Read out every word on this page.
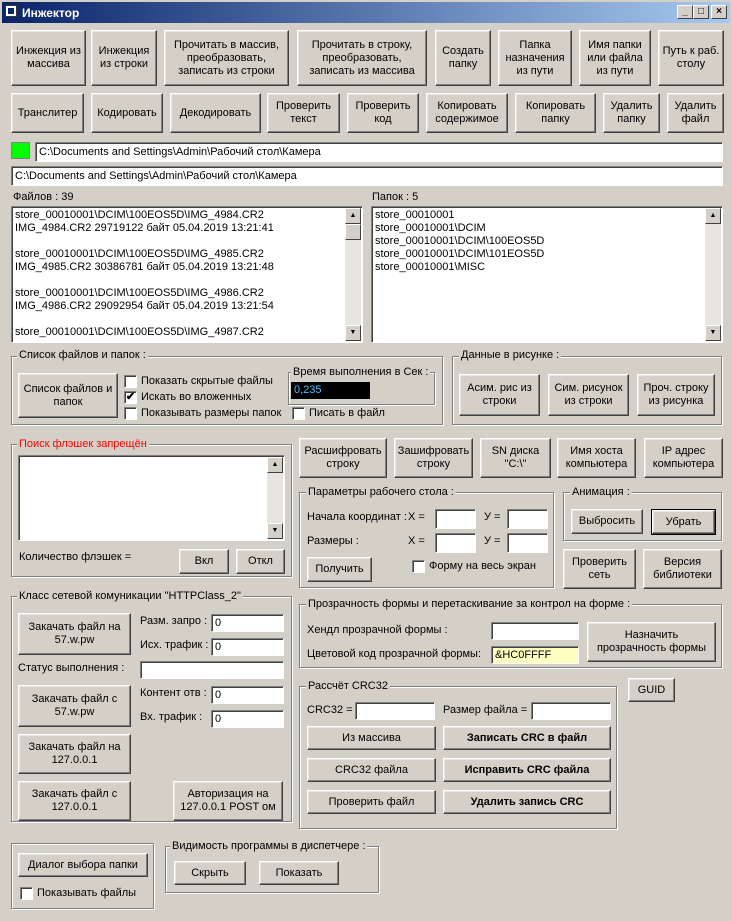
Инжектор	_	□	×
Инжекция из массива
Инжекция из строки
Прочитать в массив, преобразовать, записать из строки
Прочитать в строку, преобразовать, записать из массива
Создать папку
Папка назначения из пути
Имя папки или файла из пути
Путь к раб. столу
Транслитер	Кодировать	Декодировать
Проверить текст
Проверить код
Копировать содержимое
Копировать папку
Удалить папку
Удалить файл
C:\Documents and Settings\Admin\Рабочий стол\Камера
C:\Documents and Settings\Admin\Рабочий стол\Камера
Файлов : 39	Папок : 5
store_00010001\DCIM\100EOS5D\IMG_4984.CR2
IMG_4984.CR2 29719122 байт 05.04.2019 13:21:41
store_00010001\DCIM\100EOS5D\IMG_4985.CR2
IMG_4985.CR2 30386781 байт 05.04.2019 13:21:48
store_00010001\DCIM\100EOS5D\IMG_4986.CR2
IMG_4986.CR2 29092954 байт 05.04.2019 13:21:54
store_00010001\DCIM\100EOS5D\IMG_4987.CR2
▲
▼
store_00010001
store_00010001\DCIM
store_00010001\DCIM\100EOS5D
store_00010001\DCIM\101EOS5D
store_00010001\MISC
▲
▼
Список файлов и папок :
Список файлов и папок
Показать скрытые файлы
✔ Искать во вложенных
Показывать размеры папок	Писать в файл
Время выполнения в Сек :
0,235
Данные в рисунке :
Асим. рис из строки
Сим. рисунок из строки
Проч. строку из рисунка
Поиск флэшек запрещён
▲
▼
Количество флэшек =	Вкл	Откл
Расшифровать строку
Зашифровать строку
SN диска "C:\"
Имя хоста компьютера
IP адрес компьютера
Параметры рабочего стола :
Начала координат : X =	У =
Размеры :	X =	У =
Получить	Форму на весь экран
Анимация :
Выбросить	Убрать
Проверить сеть
Версия библиотеки
Класс сетевой комуникации "HTTPClass_2"
Закачать файл на 57.w.pw
Разм. запро : 0
Исх. трафик : 0
Статус выполнения :
Закачать файл с 57.w.pw
Контент отв : 0
Вх. трафик :	0
Закачать файл на 127.0.0.1
Закачать файл с 127.0.0.1
Авторизация на 127.0.0.1 POST ом
Прозрачность формы и перетаскивание за контрол на форме :
Хендл прозрачной формы :
Цветовой код прозрачной формы:	&HC0FFFF
Назначить прозрачность формы
GUID
Рассчёт CRC32
CRC32 =	Размер файла =
Из массива	Записать CRC в файл
CRC32 файла	Исправить CRC файла
Проверить файл	Удалить запись CRC
Диалог выбора папки
Показывать файлы
Видимость программы в диспетчере :
Скрыть	Показать
